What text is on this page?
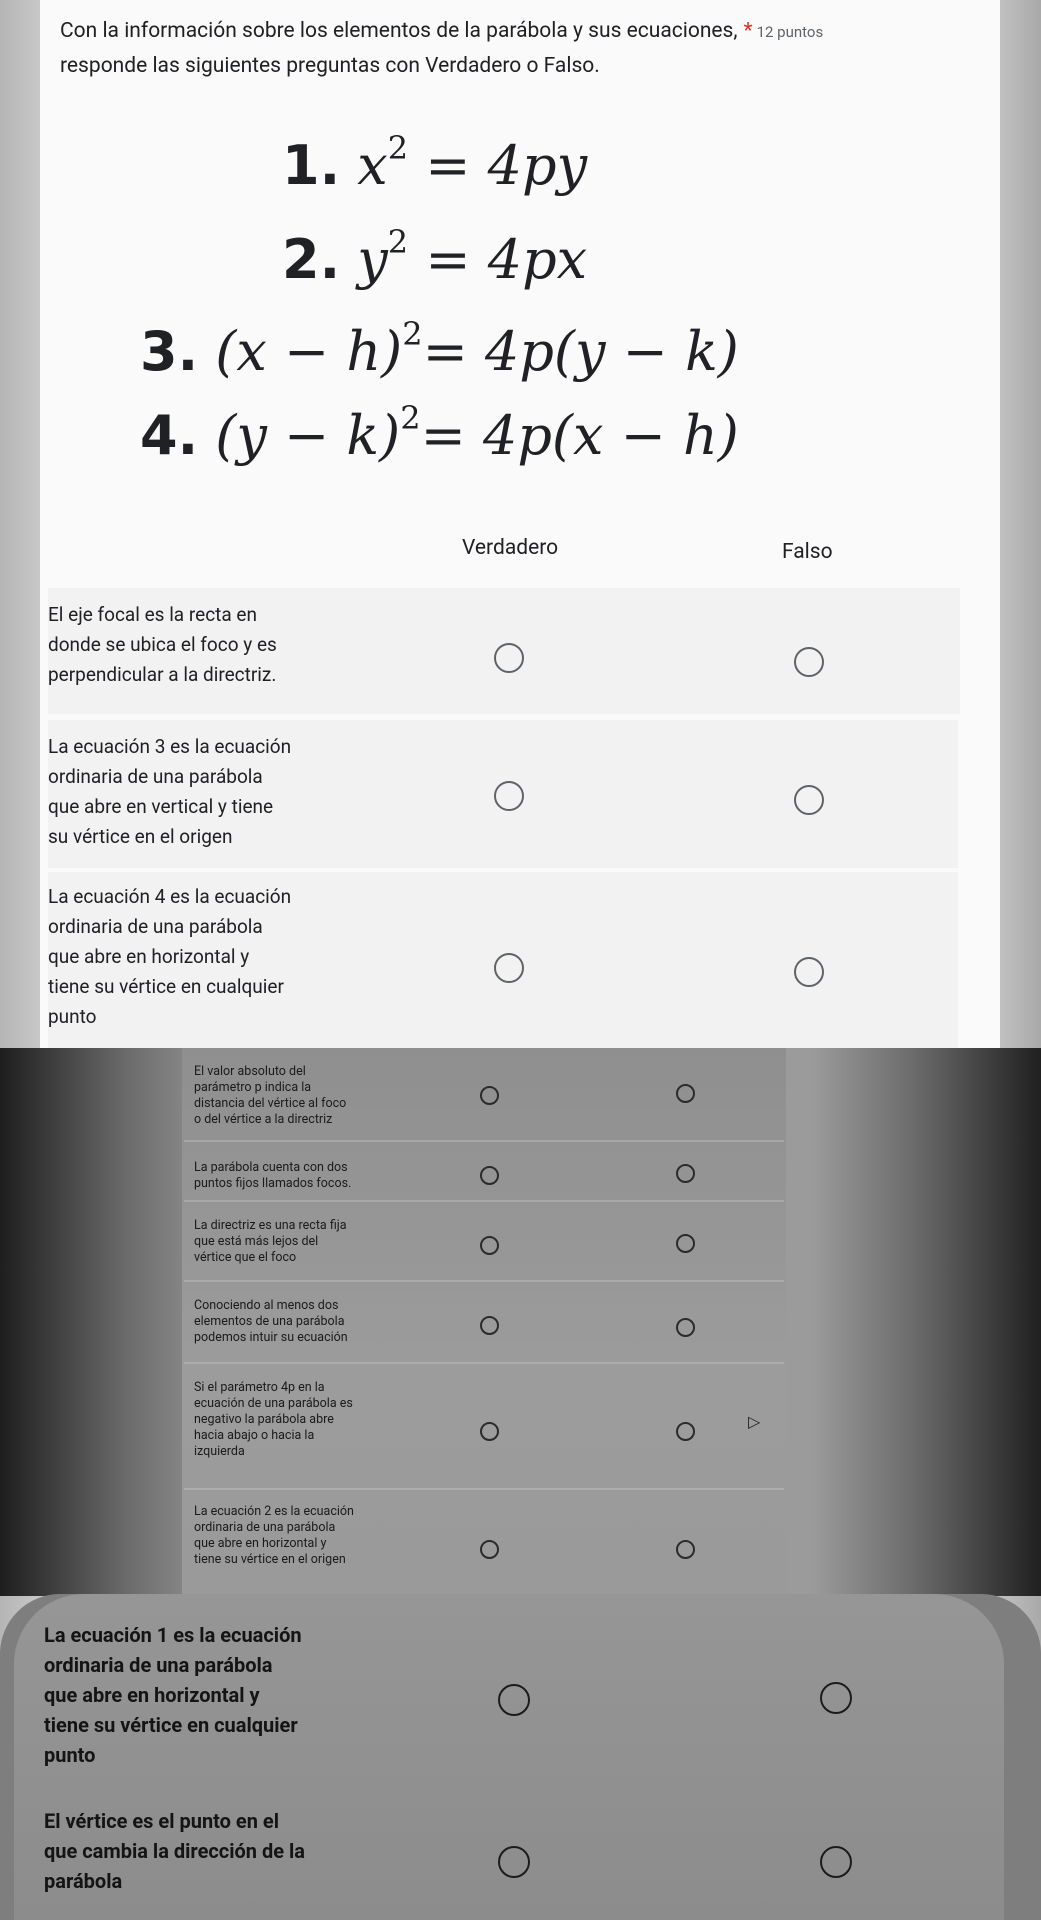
Con la información sobre los elementos de la parábola y sus ecuaciones, * 12 puntos
responde las siguientes preguntas con Verdadero o Falso.
1. $x^2 = 4py$
2. $y^2 = 4px$
3. $(x - h)^2= 4p(y - k)$
4. $(y - k)^2= 4p(x - h)$
Verdadero	Falso
El eje focal es la recta en
donde se ubica el foco y es
perpendicular a la directriz.
La ecuación 3 es la ecuación
ordinaria de una parábola
que abre en vertical y tiene
su vértice en el origen
La ecuación 4 es la ecuación
ordinaria de una parábola
que abre en horizontal y
tiene su vértice en cualquier
punto
El valor absoluto del
parámetro p indica la
distancia del vértice al foco
o del vértice a la directriz
La parábola cuenta con dos
puntos fijos llamados focos.
La directriz es una recta fija
que está más lejos del
vértice que el foco
Conociendo al menos dos
elementos de una parábola
podemos intuir su ecuación
Si el parámetro 4p en la
ecuación de una parábola es
negativo la parábola abre
hacia abajo o hacia la
izquierda
▷
La ecuación 2 es la ecuación
ordinaria de una parábola
que abre en horizontal y
tiene su vértice en el origen
La ecuación 1 es la ecuación
ordinaria de una parábola
que abre en horizontal y
tiene su vértice en cualquier
punto
El vértice es el punto en el
que cambia la dirección de la
parábola
